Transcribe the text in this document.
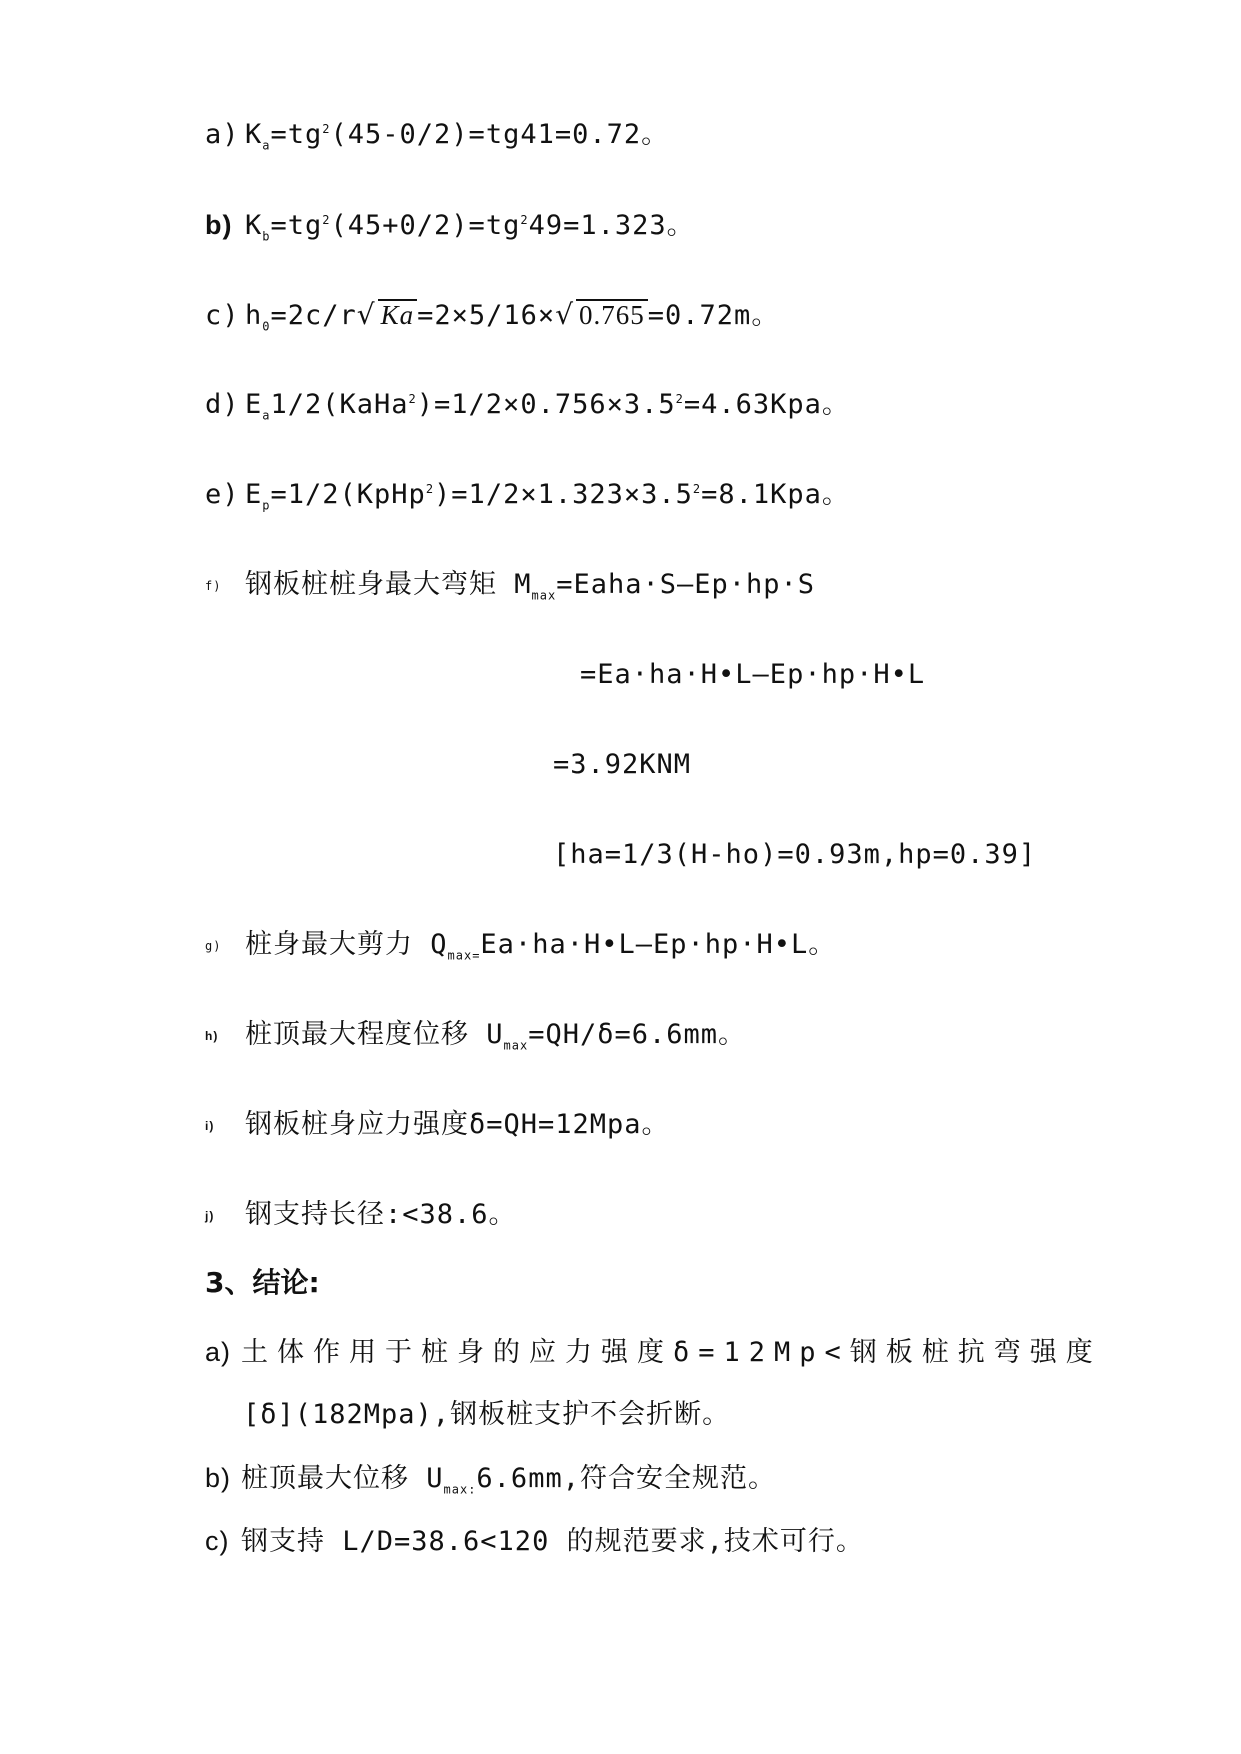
a) $K_a=tg^2(45-0/2)=tg41=0.72$。
b) $K_b=tg^2(45+0/2)=tg^249=1.323$。
c) $h_0=2c/r√$ Ka =2×5/16×√ 0.765 =0.72m。
d) $E_a1/2(KaHa^2)=1/2\times 0.756\times 3.5^2=4.63Kpa$。
e) $E_p=1/2(KpHp^2)=1/2\times 1.323\times 3.5^2=8.1Kpa$。
f) 钢板桩桩身最大弯矩 $M_{max}=Eaha\cdot S—Ep\cdot hp\cdot S$
=Ea·ha·H•L—Ep·hp·H•L
=3.92KNM
[ha=1/3(H-ho)=0.93m,hp=0.39]
g) 桩身最大剪力 $Q_{max=}Ea\cdot ha\cdot H•L—Ep\cdot hp\cdot H•L$。
h) 桩顶最大程度位移 $U_{max}=QH/\delta=6.6mm$。
i) 钢板桩身应力强度δ=QH=12Mpa。
j) 钢支持长径:<38.6。
3、结论:
a) 土体作用于桩身的应力强度δ=12Mp<钢板桩抗弯强度
[δ](182Mpa),钢板桩支护不会折断。
b) 桩顶最大位移 $U_{max:}6.6mm$,符合安全规范。
c) 钢支持 L/D=38.6<120 的规范要求,技术可行。
